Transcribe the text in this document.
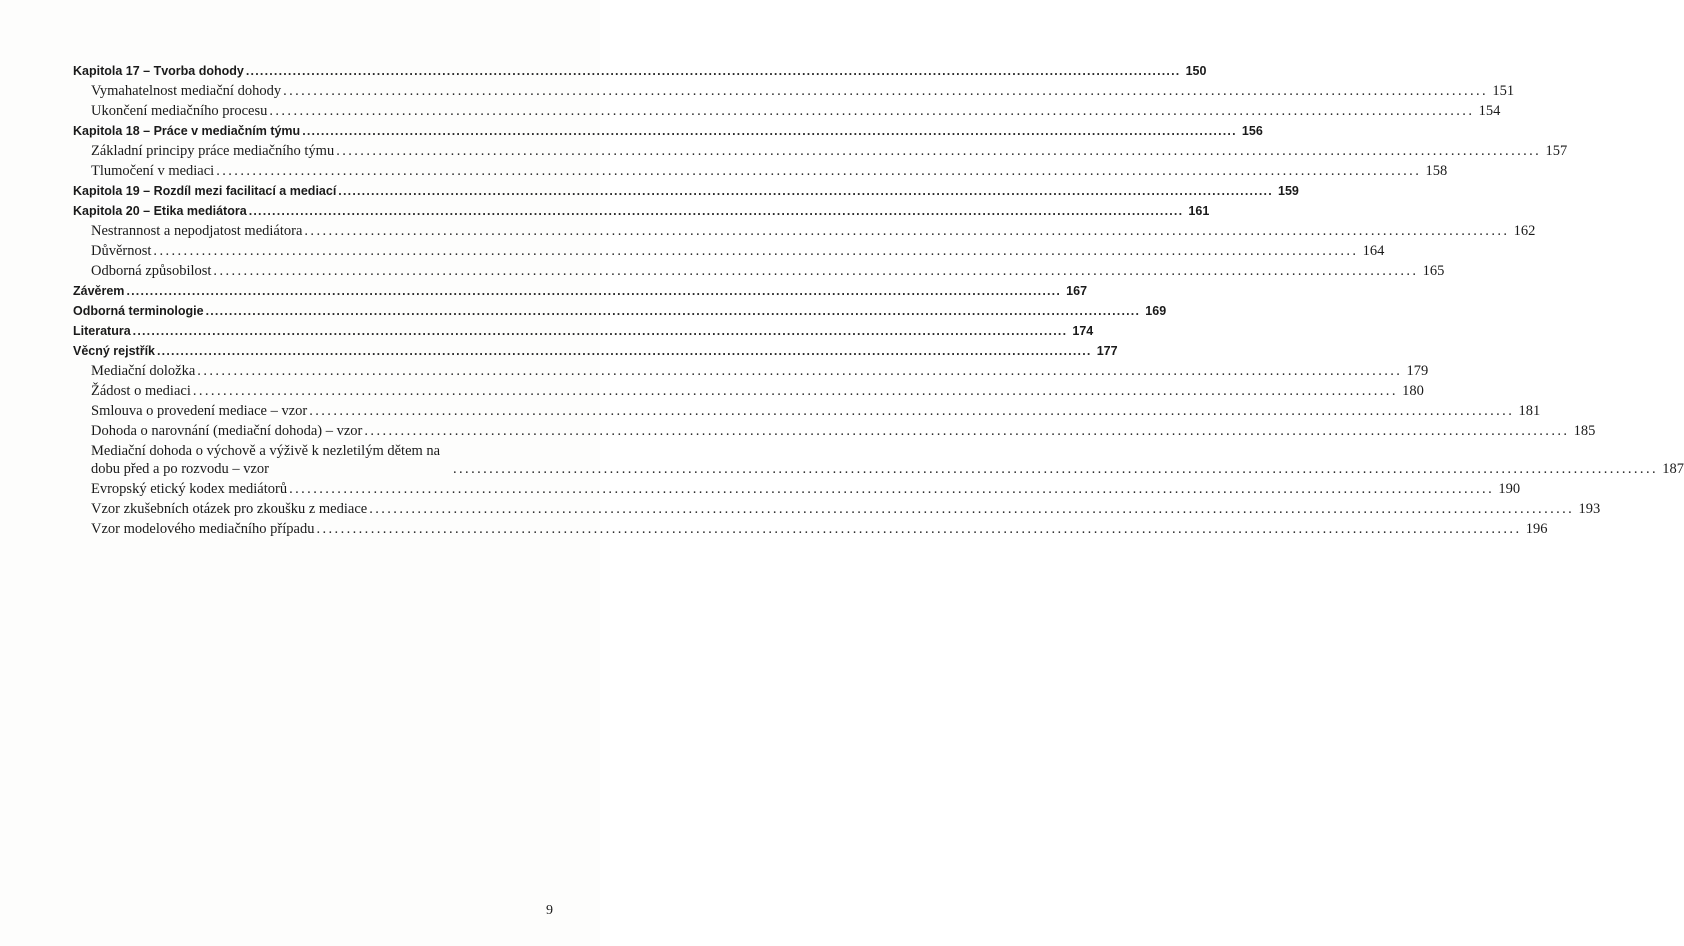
Kapitola 17 – Tvorba dohody ........................................................................................................................................................................................................ 150
Vymahatelnost mediační dohody ........................................................................................................................................................................................................ 151
Ukončení mediačního procesu ........................................................................................................................................................................................................ 154
Kapitola 18 – Práce v mediačním týmu ........................................................................................................................................................................................................ 156
Základní principy práce mediačního týmu ........................................................................................................................................................................................................ 157
Tlumočení v mediaci ........................................................................................................................................................................................................ 158
Kapitola 19 – Rozdíl mezi facilitací a mediací ........................................................................................................................................................................................................ 159
Kapitola 20 – Etika mediátora ........................................................................................................................................................................................................ 161
Nestrannost a nepodjatost mediátora ........................................................................................................................................................................................................ 162
Důvěrnost ........................................................................................................................................................................................................ 164
Odborná způsobilost ........................................................................................................................................................................................................ 165
Závěrem ........................................................................................................................................................................................................ 167
Odborná terminologie ........................................................................................................................................................................................................ 169
Literatura ........................................................................................................................................................................................................ 174
Věcný rejstřík ........................................................................................................................................................................................................ 177
Mediační doložka ........................................................................................................................................................................................................ 179
Žádost o mediaci ........................................................................................................................................................................................................ 180
Smlouva o provedení mediace – vzor ........................................................................................................................................................................................................ 181
Dohoda o narovnání (mediační dohoda) – vzor ........................................................................................................................................................................................................ 185
Mediační dohoda o výchově a výživě k nezletilým dětem na dobu před a po rozvodu – vzor	........................................................................................................................................................................................................ 187
Evropský etický kodex mediátorů ........................................................................................................................................................................................................ 190
Vzor zkušebních otázek pro zkoušku z mediace ........................................................................................................................................................................................................ 193
Vzor modelového mediačního případu ........................................................................................................................................................................................................ 196
9
